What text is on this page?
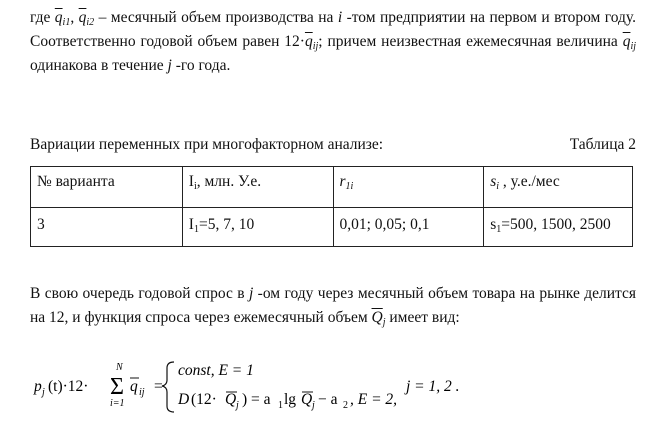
где $\overline{q}_{i1}$, $\overline{q}_{i2}$ – месячный объем производства на i -том предприятии на первом и втором году. Соответственно годовой объем равен $12\cdot\overline{q}_{ij}$; причем неизвестная ежемесячная величина $\overline{q}_{ij}$ одинакова в течение j -го года.
Вариации переменных при многофакторном анализе:	Таблица 2
№ варианта	$I_i$, млн. У.е.	$r_{1i}$	$s_i$ , у.е./мес
3	$I_1=5$, 7, 10	0,01; 0,05; 0,1	$s_1=500$, 1500, 2500
В свою очередь годовой спрос в j -ом году через месячный объем товара на рынке делится на 12, и функция спроса через ежемесячный объем $\overline{Q}_j$ имеет вид:
p j (t)·12·
N
Σ
i=1
q ij =
const, E = 1
D (12· Q j ) = a 1 lg Q j − a 2 , E = 2,
j = 1, 2 .
